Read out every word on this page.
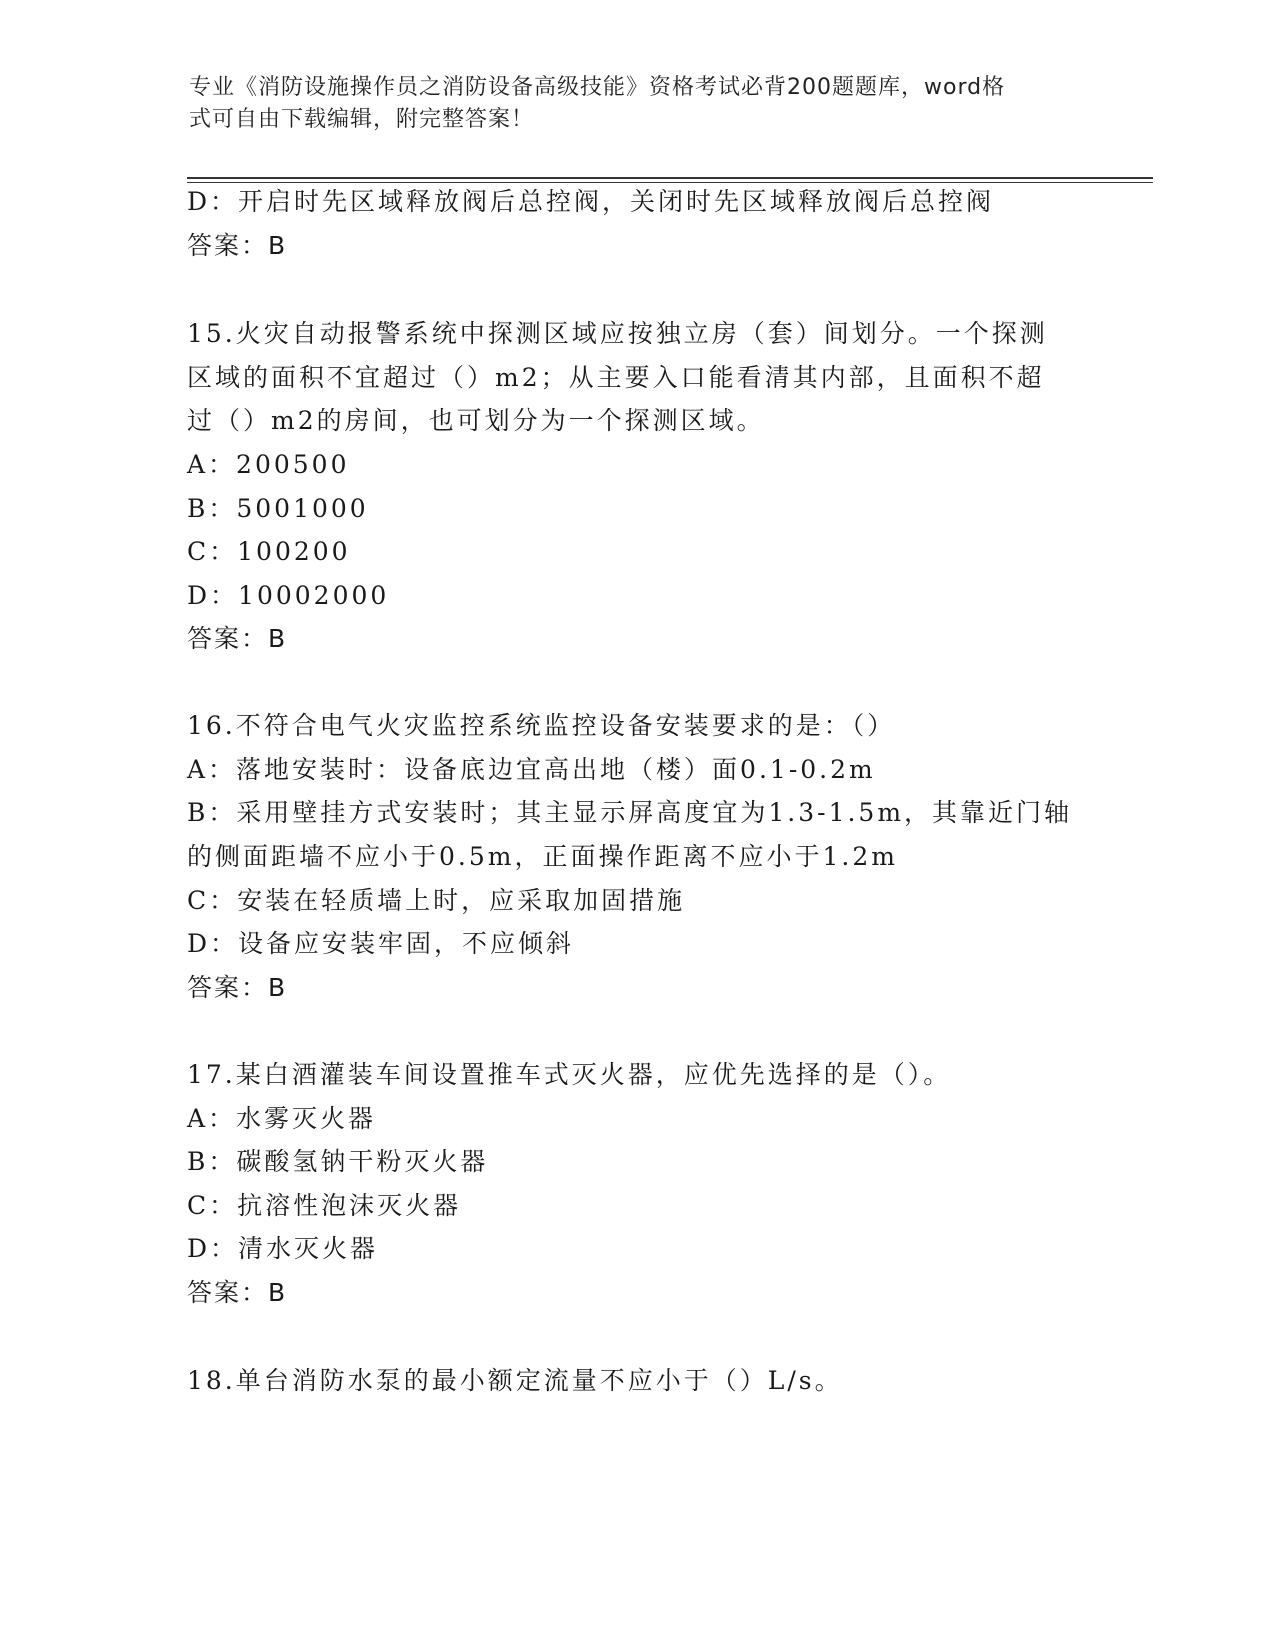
专业《消防设施操作员之消防设备高级技能》资格考试必背200题题库，word格
式可自由下载编辑，附完整答案！
D：开启时先区域释放阀后总控阀，关闭时先区域释放阀后总控阀
答案：B
15.火灾自动报警系统中探测区域应按独立房（套）间划分。一个探测
区域的面积不宜超过（）m2；从主要入口能看清其内部，且面积不超
过（）m2的房间，也可划分为一个探测区域。
A：200500
B：5001000
C：100200
D：10002000
答案：B
16.不符合电气火灾监控系统监控设备安装要求的是：（）
A：落地安装时：设备底边宜高出地（楼）面0.1-0.2m
B：采用壁挂方式安装时；其主显示屏高度宜为1.3-1.5m，其靠近门轴
的侧面距墙不应小于0.5m，正面操作距离不应小于1.2m
C：安装在轻质墙上时，应采取加固措施
D：设备应安装牢固，不应倾斜
答案：B
17.某白酒灌装车间设置推车式灭火器，应优先选择的是（）。
A：水雾灭火器
B：碳酸氢钠干粉灭火器
C：抗溶性泡沫灭火器
D：清水灭火器
答案：B
18.单台消防水泵的最小额定流量不应小于（）L/s。
